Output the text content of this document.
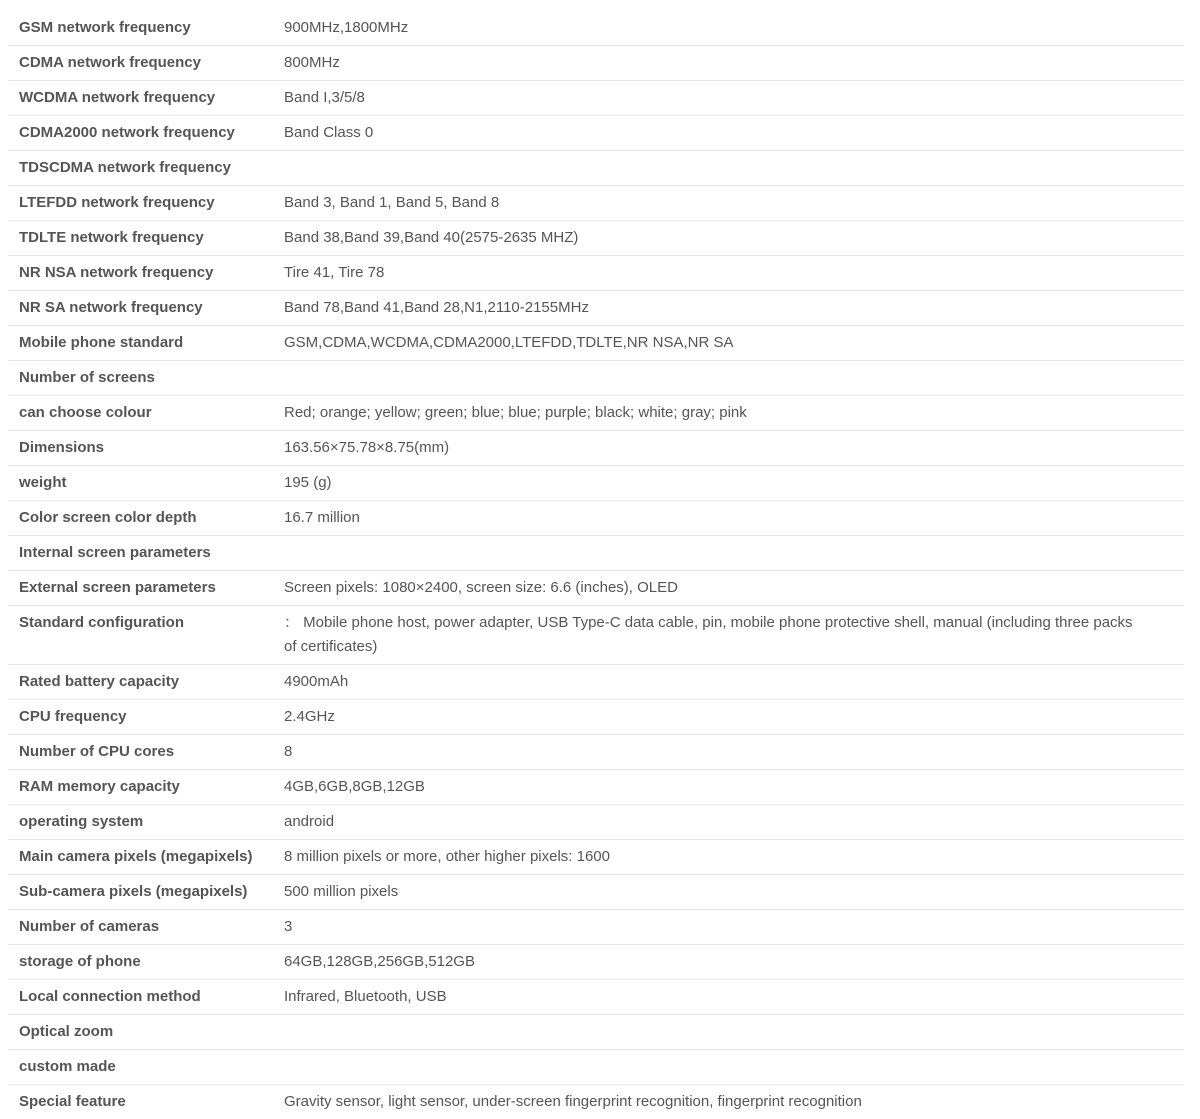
GSM network frequency	900MHz,1800MHz
CDMA network frequency	800MHz
WCDMA network frequency	Band I,3/5/8
CDMA2000 network frequency	Band Class 0
TDSCDMA network frequency	
LTEFDD network frequency	Band 3, Band 1, Band 5, Band 8
TDLTE network frequency	Band 38,Band 39,Band 40(2575-2635 MHZ)
NR NSA network frequency	Tire 41, Tire 78
NR SA network frequency	Band 78,Band 41,Band 28,N1,2110-2155MHz
Mobile phone standard	GSM,CDMA,WCDMA,CDMA2000,LTEFDD,TDLTE,NR NSA,NR SA
Number of screens	
can choose colour	Red; orange; yellow; green; blue; blue; purple; black; white; gray; pink
Dimensions	163.56×75.78×8.75(mm)
weight	195 (g)
Color screen color depth	16.7 million
Internal screen parameters	
External screen parameters	Screen pixels: 1080×2400, screen size: 6.6 (inches), OLED
Standard configuration	： Mobile phone host, power adapter, USB Type-C data cable, pin, mobile phone protective shell, manual (including three packs of certificates)
Rated battery capacity	4900mAh
CPU frequency	2.4GHz
Number of CPU cores	8
RAM memory capacity	4GB,6GB,8GB,12GB
operating system	android
Main camera pixels (megapixels)	8 million pixels or more, other higher pixels: 1600
Sub-camera pixels (megapixels)	500 million pixels
Number of cameras	3
storage of phone	64GB,128GB,256GB,512GB
Local connection method	Infrared, Bluetooth, USB
Optical zoom	
custom made	
Special feature	Gravity sensor, light sensor, under-screen fingerprint recognition, fingerprint recognition
